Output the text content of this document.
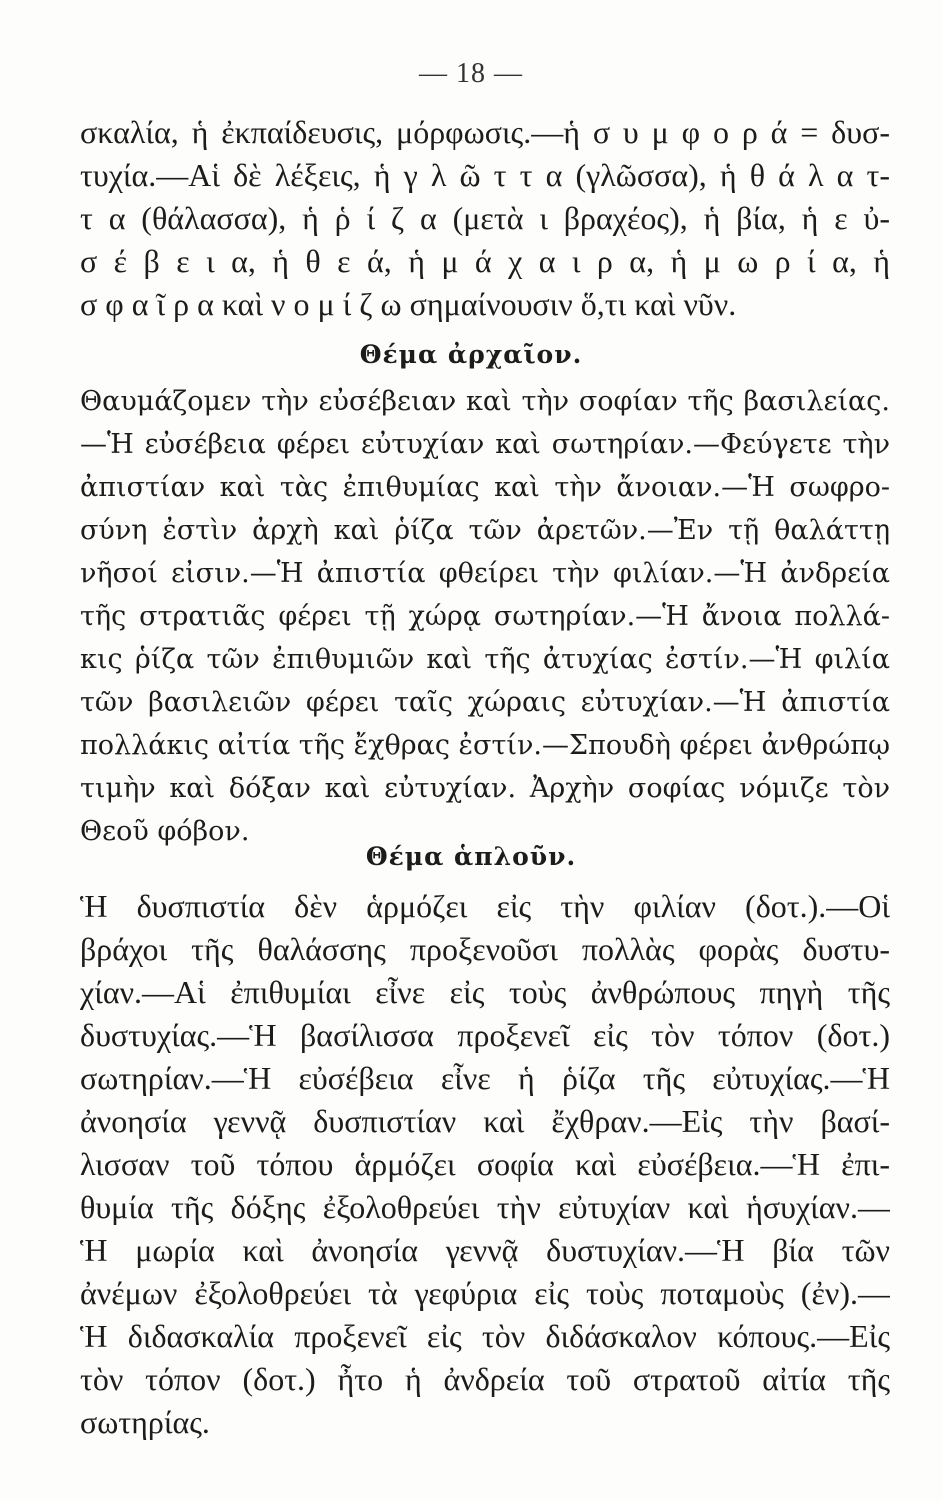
— 18 —
σκαλία, ἡ ἐκπαίδευσις, μόρφωσις.—ἡ σ υ μ φ ο ρ ά = δυσ-
τυχία.—Αἱ δὲ λέξεις, ἡ γ λ ῶ τ τ α (γλῶσσα), ἡ θ ά λ α τ-
τ α (θάλασσα), ἡ ῥ ί ζ α (μετὰ ι βραχέος), ἡ βία, ἡ ε ὐ-
σ έ β ε ι α, ἡ θ ε ά, ἡ μ ά χ α ι ρ α, ἡ μ ω ρ ί α, ἡ
σ φ α ῖ ρ α καὶ ν ο μ ί ζ ω σημαίνουσιν ὅ,τι καὶ νῦν.
Θέμα ἀρχαῖον.
Θαυμάζομεν τὴν εὐσέβειαν καὶ τὴν σοφίαν τῆς βασιλείας.
—Ἡ εὐσέβεια φέρει εὐτυχίαν καὶ σωτηρίαν.—Φεύγετε τὴν
ἀπιστίαν καὶ τὰς ἐπιθυμίας καὶ τὴν ἄνοιαν.—Ἡ σωφρο-
σύνη ἐστὶν ἀρχὴ καὶ ῥίζα τῶν ἀρετῶν.—Ἐν τῇ θαλάττῃ
νῆσοί εἰσιν.—Ἡ ἀπιστία φθείρει τὴν φιλίαν.—Ἡ ἀνδρεία
τῆς στρατιᾶς φέρει τῇ χώρᾳ σωτηρίαν.—Ἡ ἄνοια πολλά-
κις ῥίζα τῶν ἐπιθυμιῶν καὶ τῆς ἀτυχίας ἐστίν.—Ἡ φιλία
τῶν βασιλειῶν φέρει ταῖς χώραις εὐτυχίαν.—Ἡ ἀπιστία
πολλάκις αἰτία τῆς ἔχθρας ἐστίν.—Σπουδὴ φέρει ἀνθρώπῳ
τιμὴν καὶ δόξαν καὶ εὐτυχίαν. Ἀρχὴν σοφίας νόμιζε τὸν
Θεοῦ φόβον.
Θέμα ἁπλοῦν.
Ἡ δυσπιστία δὲν ἁρμόζει εἰς τὴν φιλίαν (δοτ.).—Οἱ
βράχοι τῆς θαλάσσης προξενοῦσι πολλὰς φορὰς δυστυ-
χίαν.—Αἱ ἐπιθυμίαι εἶνε εἰς τοὺς ἀνθρώπους πηγὴ τῆς
δυστυχίας.—Ἡ βασίλισσα προξενεῖ εἰς τὸν τόπον (δοτ.)
σωτηρίαν.—Ἡ εὐσέβεια εἶνε ἡ ῥίζα τῆς εὐτυχίας.—Ἡ
ἀνοησία γεννᾷ δυσπιστίαν καὶ ἔχθραν.—Εἰς τὴν βασί-
λισσαν τοῦ τόπου ἁρμόζει σοφία καὶ εὐσέβεια.—Ἡ ἐπι-
θυμία τῆς δόξης ἐξολοθρεύει τὴν εὐτυχίαν καὶ ἡσυχίαν.—
Ἡ μωρία καὶ ἀνοησία γεννᾷ δυστυχίαν.—Ἡ βία τῶν
ἀνέμων ἐξολοθρεύει τὰ γεφύρια εἰς τοὺς ποταμοὺς (ἐν).—
Ἡ διδασκαλία προξενεῖ εἰς τὸν διδάσκαλον κόπους.—Εἰς
τὸν τόπον (δοτ.) ἦτο ἡ ἀνδρεία τοῦ στρατοῦ αἰτία τῆς
σωτηρίας.
